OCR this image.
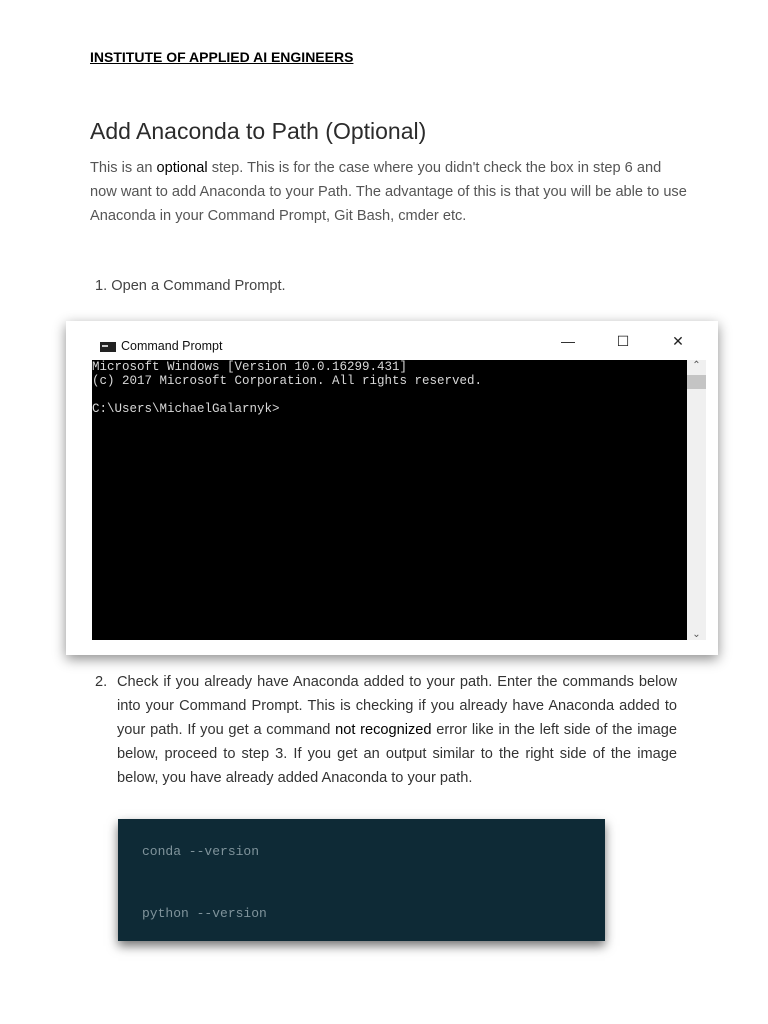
INSTITUTE OF APPLIED AI ENGINEERS
Add Anaconda to Path (Optional)
This is an optional step. This is for the case where you didn't check the box in step 6 and now want to add Anaconda to your Path. The advantage of this is that you will be able to use Anaconda in your Command Prompt, Git Bash, cmder etc.
1. Open a Command Prompt.
Command Prompt	—	☐	✕
Microsoft Windows [Version 10.0.16299.431]
(c) 2017 Microsoft Corporation. All rights reserved.
C:\Users\MichaelGalarnyk>
⌃
⌄
2. Check if you already have Anaconda added to your path. Enter the commands below into your Command Prompt. This is checking if you already have Anaconda added to your path. If you get a command not recognized error like in the left side of the image below, proceed to step 3. If you get an output similar to the right side of the image below, you have already added Anaconda to your path.
conda --version
python --version
